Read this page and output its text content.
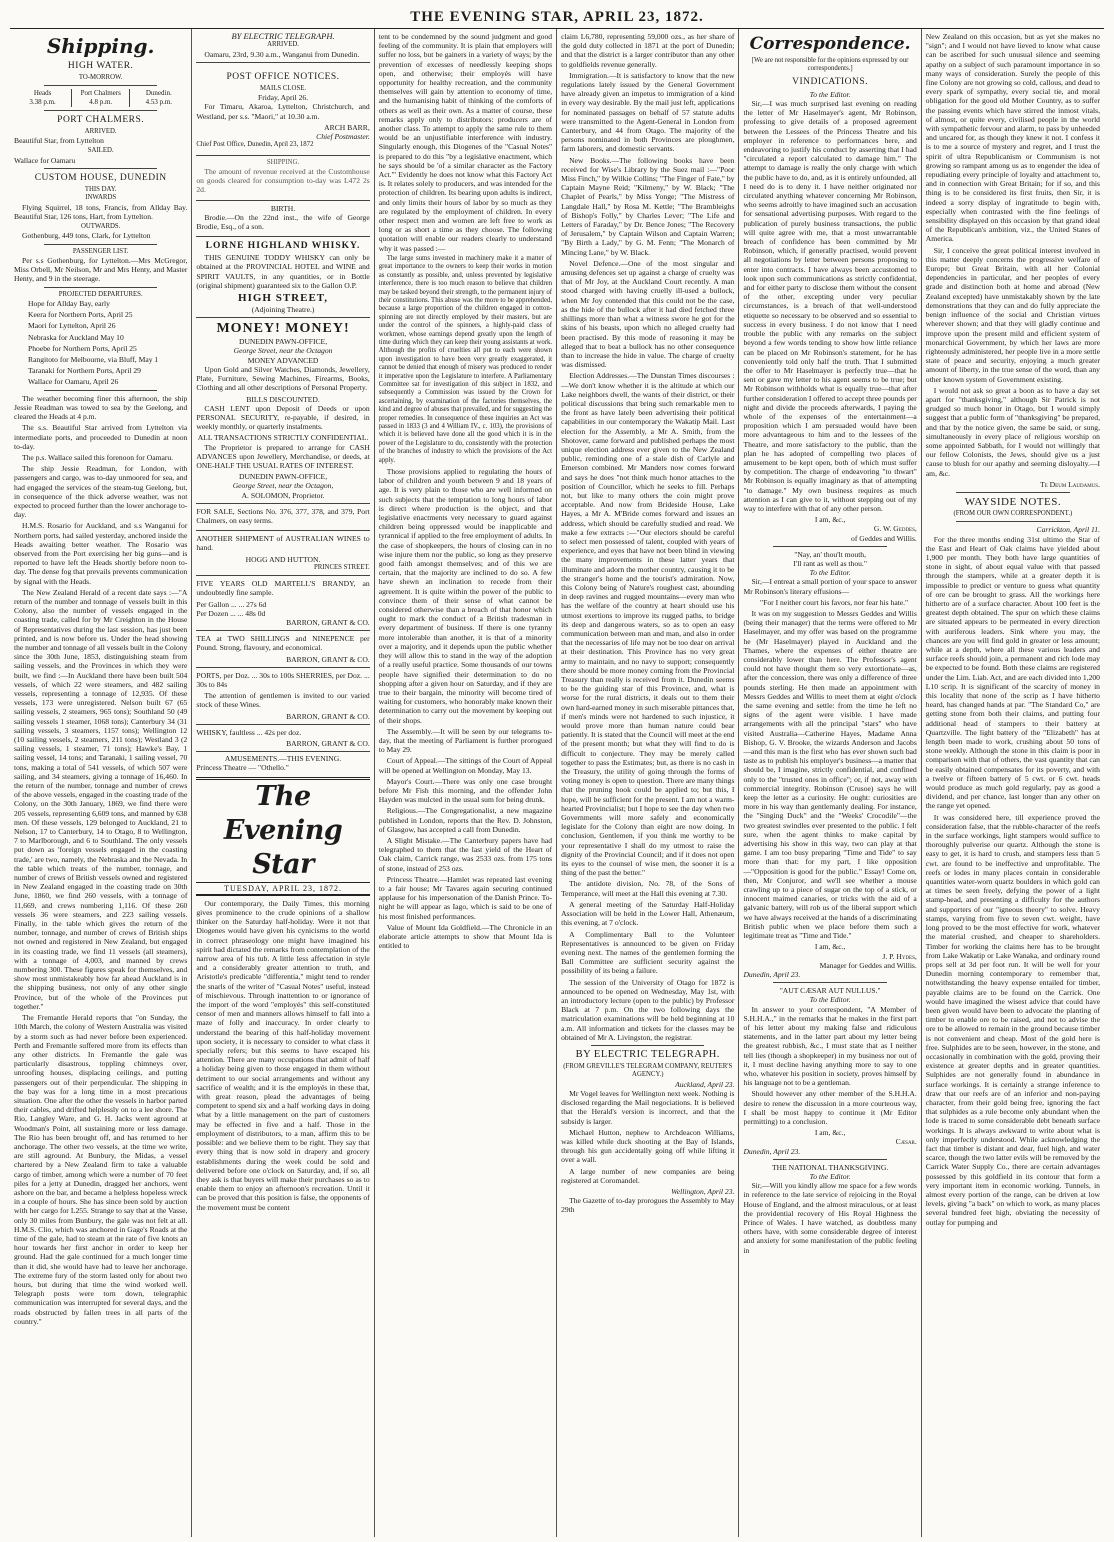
THE EVENING STAR, APRIL 23, 1872.
Shipping.
HIGH WATER.
TO-MORROW.
Heads
3.38 p.m.
Port Chalmers
4.8 p.m.
Dunedin.
4.53 p.m.
PORT CHALMERS.
ARRIVED.

Beautiful Star, from Lyttelton

SAILED.

Wallace for Oamaru

CUSTOM HOUSE, DUNEDIN
THIS DAY.
INWARDS

Flying Squirrel, 18 tons, Francis, from Allday Bay. Beautiful Star, 126 tons, Hart, from Lyttelton.

OUTWARDS.

Gothenburg, 449 tons, Clark, for Lyttelton

PASSENGER LIST.

Per s.s Gothenburg, for Lyttelton.—Mrs McGregor, Miss Orbell, Mr Neilson, Mr and Mrs Henty, and Master Henty, and 9 in the steerage.

PROJECTED DEPARTURES.

Hope for Allday Bay, early

Keera for Northern Ports, April 25

Maori for Lyttelton, April 26

Nebraska for Auckland May 10

Phoebe for Northern Ports, April 25

Rangitoto for Melbourne, via Bluff, May 1

Taranaki for Northern Ports, April 29

Wallace for Oamaru, April 26

The weather becoming finer this afternoon, the ship Jessie Readman was towed to sea by the Geelong, and cleared the Heads at 4 p.m.

The s.s. Beautiful Star arrived from Lyttelton via intermediate ports, and proceeded to Dunedin at noon to-day.

The p.s. Wallace sailed this forenoon for Oamaru.

The ship Jessie Readman, for London, with passengers and cargo, was to-day unmoored for sea, and had engaged the services of the steam-tug Geelong, but, in consequence of the thick adverse weather, was not expected to proceed further than the lower anchorage to-day.

H.M.S. Rosario for Auckland, and s.s Wanganui for Northern ports, had sailed yesterday, anchored inside the Heads awaiting better weather. The Rosario was observed from the Port exercising her big guns—and is reported to have left the Heads shortly before noon to-day. The dense fog that prevails prevents communication by signal with the Heads.

The New Zealand Herald of a recent date says :—"A return of the number and tonnage of vessels built in this Colony, also the number of vessels engaged in the coasting trade, called for by Mr Creighton in the House of Representatives during the last session, has just been printed, and is now before us. Under the head showing the number and tonnage of all vessels built in the Colony since the 30th June, 1853, distinguishing steam from sailing vessels, and the Provinces in which they were built, we find :—In Auckland there have been built 504 vessels, of which 22 were steamers, and 482 sailing vessels, representing a tonnage of 12,935. Of these vessels, 173 were unregistered. Nelson built 67 (65 sailing vessels, 2 steamers, 965 tons); Southland 50 (49 sailing vessels 1 steamer, 1068 tons); Canterbury 34 (31 sailing vessels, 3 steamers, 1157 tons); Wellington 12 (10 sailing vessels, 2 steamers, 211 tons); Westland 3 (2 sailing vessels, 1 steamer, 71 tons); Hawke's Bay, 1 sailing vessel, 14 tons; and Taranaki, 1 sailing vessel, 70 tons, making a total of 541 vessels, of which 507 were sailing, and 34 steamers, giving a tonnage of 16,460. In the return of the number, tonnage and number of crews of the above vessels, engaged in the coasting trade of the Colony, on the 30th January, 1869, we find there were 205 vessels, representing 6,609 tons, and manned by 638 men. Of these vessels, 129 belonged to Auckland, 21 to Nelson, 17 to Canterbury, 14 to Otago, 8 to Wellington, 7 to Marlborough, and 6 to Southland. The only vessels put down as 'foreign vessels engaged in the coasting trade,' are two, namely, the Nebraska and the Nevada. In the table which treats of the number, tonnage, and number of crews of British vessels owned and registered in New Zealand engaged in the coasting trade on 30th June, 1860, we find 260 vessels, with a tonnage of 11,669, and crews numbering 1,116. Of these 260 vessels 36 were steamers, and 223 sailing vessels. Finally, in the table which gives the return of the number, tonnage, and number of crews of British ships not owned and registered in New Zealand, but engaged in its coasting trade, we find 11 vessels (all steamers), with a tonnage of 4,003, and manned by crews numbering 300. These figures speak for themselves, and show most unmistakeably how far ahead Auckland is in the shipping business, not only of any other single Province, but of the whole of the Provinces put together."

The Fremantle Herald reports that "on Sunday, the 10th March, the colony of Western Australia was visited by a storm such as had never before been experienced. Perth and Fremantle suffered more from its effects than any other districts. In Fremantle the gale was particularly disastrous, toppling chimneys over, unroofing houses, displacing ceilings, and putting passengers out of their perpendicular. The shipping in the bay was for a long time in a most precarious situation. One after the other the vessels in harbor parted their cables, and drifted helplessly on to a lee shore. The Rio, Langley Ware, and G. H. Jacks went aground at Woodman's Point, all sustaining more or less damage. The Rio has been brought off, and has returned to her anchorage. The other two vessels, at the time we write, are still aground. At Bunbury, the Midas, a vessel chartered by a New Zealand firm to take a valuable cargo of timber, among which were a number of 70 feet piles for a jetty at Dunedin, dragged her anchors, went ashore on the bar, and became a helpless hopeless wreck in a couple of hours. She has since been sold by auction with her cargo for L255. Strange to say that at the Vasse, only 30 miles from Bunbury, the gale was not felt at all. H.M.S. Clio, which was anchored in Gage's Roads at the time of the gale, had to steam at the rate of five knots an hour towards her first anchor in order to keep her ground. Had the gale continued for a much longer time than it did, she would have had to leave her anchorage. The extreme fury of the storm lasted only for about two hours, but during that time the wind worked well. Telegraph posts were torn down, telegraphic communication was interrupted for several days, and the roads obstructed by fallen trees in all parts of the country."

BY ELECTRIC TELEGRAPH.
ARRIVED.

Oamaru, 23rd, 9.30 a.m., Wanganui from Dunedin.

POST OFFICE NOTICES.
MAILS CLOSE.
Friday, April 26.

For Timaru, Akaroa, Lyttelton, Christchurch, and Westland, per s.s. "Maori," at 10.30 a.m.

ARCH BARR,
Chief Postmaster.

Chief Post Office, Dunedin, April 23, 1872

SHIPPING.

The amount of revenue received at the Customhouse on goods cleared for consumption to-day was L472 2s 2d.

BIRTH.

Brodie.—On the 22nd inst., the wife of George Brodie, Esq., of a son.

LORNE HIGHLAND WHISKY.

THIS GENUINE TODDY WHISKY can only be obtained at the PROVINCIAL HOTEL and WINE and SPIRIT VAULTS, in any quantities, or in Bottle (original shipment) guaranteed six to the Gallon O.P.

HIGH STREET,
(Adjoining Theatre.)
MONEY! MONEY!
DUNEDIN PAWN-OFFICE,
George Street, near the Octagon
MONEY ADVANCED

Upon Gold and Silver Watches, Diamonds, Jewellery, Plate, Furniture, Sewing Machines, Firearms, Books, Clothing and all other descriptions of Personal Property.

BILLS DISCOUNTED.

CASH LENT upon Deposit of Deeds or upon PERSONAL SECURITY, re-payable, if desired, in weekly monthly, or quarterly instalments.

ALL TRANSACTIONS STRICTLY CONFIDENTIAL.

The Proprietor is prepared to arrange for CASH ADVANCES upon Jewellery, Merchandise, or deeds, at ONE-HALF THE USUAL RATES OF INTEREST.

DUNEDIN PAWN-OFFICE,
George Street, near the Octagon,
A. SOLOMON, Proprietor.

FOR SALE, Sections No. 376, 377, 378, and 379, Port Chalmers, on easy terms.

ANOTHER SHIPMENT of AUSTRALIAN WINES to hand.

HOGG AND HUTTON.
PRINCES STREET.

FIVE YEARS OLD MARTELL'S BRANDY, an undoubtedly fine sample.

Per Gallon ... ... 27s 6d
Per Dozen ... ... 48s 0d
BARRON, GRANT & CO.

TEA at TWO SHILLINGS and NINEPENCE per Pound. Strong, flavoury, and economical.

BARRON, GRANT & CO.

PORTS, per Doz. ... 30s to 100s SHERRIES, per Doz. ... 30s to 84s

The attention of gentlemen is invited to our varied stock of these Wines.

BARRON, GRANT & CO.

WHISKY, faultless ... 42s per doz.

BARRON, GRANT & CO.
AMUSEMENTS.—THIS EVENING.

Princess Theatre — "Othello."

The Evening Star
TUESDAY, APRIL 23, 1872.

Our contemporary, the Daily Times, this morning gives prominence to the crude opinions of a shallow thinker on the Saturday half-holiday. Were it not that Diogenes would have given his cynicisms to the world in correct phraseology one might have imagined his spirit had dictated the remarks from contemplation of the narrow area of his tub. A little less affectation in style and a considerably greater attention to truth, and Aristotle's predicable "differentia," might tend to render the snarls of the writer of "Casual Notes" useful, instead of mischievous. Through inattention to or ignorance of the import of the word "employés" this self-constituted censor of men and manners allows himself to fall into a maze of folly and inaccuracy. In order clearly to understand the bearing of this half-holiday movement upon society, it is necessary to consider to what class it specially refers; but this seems to have escaped his attention. There are many occupations that admit of half a holiday being given to those engaged in them without detriment to our social arrangements and without any sacrifice of wealth; and it is the employés in these that, with great reason, plead the advantages of being competent to spend six and a half working days in doing what by a little management on the part of customers may be effected in five and a half. Those in the employment of distributors, to a man, affirm this to be possible: and we believe them to be right. They say that every thing that is now sold in drapery and grocery establishments during the week could be sold and delivered before one o'clock on Saturday, and, if so, all they ask is that buyers will make their purchases so as to enable them to enjoy an afternoon's recreation. Until it can be proved that this position is false, the opponents of the movement must be content

tent to be condemned by the sound judgment and good feeling of the community. It is plain that employers will suffer no loss, but be gainers in a variety of ways; by the prevention of excesses of needlessly keeping shops open, and otherwise; their employés will have opportunity for healthy recreation, and the community themselves will gain by attention to economy of time, and the humanising habit of thinking of the comforts of others as well as their own. As a matter of course, these remarks apply only to distributors: producers are of another class. To attempt to apply the same rule to them would be an unjustifiable interference with industry. Singularly enough, this Diogenes of the "Casual Notes" is prepared to do this "by a legislative enactment, which he says should be 'of a similar character as the Factory Act.'" Evidently he does not know what this Factory Act is. It relates solely to producers, and was intended for the protection of children. Its bearing upon adults is indirect, and only limits their hours of labor by so much as they are regulated by the employment of children. In every other respect men and women are left free to work as long or as short a time as they choose. The following quotation will enable our readers clearly to understand why it was passed :—

The large sums invested in machinery make it a matter of great importance to the owners to keep their works in motion as constantly as possible, and, unless prevented by legislative interference, there is too much reason to believe that children may be tasked beyond their strength, to the permanent injury of their constitutions. This abuse was the more to be apprehended, because a large proportion of the children engaged in cotton-spinning are not directly employed by their masters, but are under the control of the spinners, a highly-paid class of workmen, whose earnings depend greatly upon the length of time during which they can keep their young assistants at work. Although the profits of cruelties all put to each were shown upon investigation to have been very greatly exaggerated, it cannot be denied that enough of misery was produced to render it imperative upon the Legislature to interfere. A Parliamentary Committee sat for investigation of this subject in 1832, and subsequently a Commission was issued by the Crown for ascertaining, by examination of the factories themselves, the kind and degree of abuses that prevailed, and for suggesting the proper remedies. In consequence of these inquiries an Act was passed in 1833 (3 and 4 William IV., c. 103), the provisions of which it is believed have done all the good which it is in the power of the Legislature to do, consistently with the protection of the branches of industry to which the provisions of the Act apply.

Those provisions applied to regulating the hours of labor of children and youth between 9 and 18 years of age. It is very plain to those who are well informed on such subjects that the temptation to long hours of labor is direct where production is the object, and that legislative enactments very necessary to guard against children being oppressed would be inapplicable and tyrannical if applied to the free employment of adults. In the case of shopkeepers, the hours of closing can in no wise injure them nor the public, so long as they preserve good faith amongst themselves; and of this we are certain, that the majority are inclined to do so. A few have shewn an inclination to recede from their agreement. It is quite within the power of the public to convince them of their sense of what cannot be considered otherwise than a breach of that honor which ought to mark the conduct of a British tradesman in every department of business. If there is one tyranny more intolerable than another, it is that of a minority over a majority, and it depends upon the public whether they will allow this to stand in the way of the adoption of a really useful practice. Some thousands of our towns people have signified their determination to do no shopping after a given hour on Saturday, and if they are true to their bargain, the minority will become tired of waiting for customers, who honorably make known their determination to carry out the movement by keeping out of their shops.

The Assembly.—It will be seen by our telegrams to-day, that the meeting of Parliament is further prorogued to May 29.

Court of Appeal.—The sittings of the Court of Appeal will be opened at Wellington on Monday, May 13.

Mayor's Court.—There was only one case brought before Mr Fish this morning, and the offender John Hayden was mulcted in the usual sum for being drunk.

Religious.—The Congregationalist, a new magazine published in London, reports that the Rev. D. Johnston, of Glasgow, has accepted a call from Dunedin.

A Slight Mistake.—The Canterbury papers have had telegraphed to them that the last yield of the Heart of Oak claim, Carrick range, was 2533 ozs. from 175 tons of stone, instead of 253 ozs.

Princess Theatre.—Hamlet was repeated last evening to a fair house; Mr Tavares again securing continued applause for his impersonation of the Danish Prince. To-night he will appear as Iago, which is said to be one of his most finished performances.

Value of Mount Ida Goldfield.—The Chronicle in an elaborate article attempts to show that Mount Ida is entitled to

claim L6,780, representing 59,000 ozs., as her share of the gold duty collected in 1871 at the port of Dunedin; and that the district is a larger contributor than any other to goldfields revenue generally.

Immigration.—It is satisfactory to know that the new regulations lately issued by the General Government have already given an impetus to immigration of a kind in every way desirable. By the mail just left, applications for nominated passages on behalf of 57 statute adults were transmitted to the Agent-General in London from Canterbury, and 44 from Otago. The majority of the persons nominated in both Provinces are ploughmen, farm laborers, and domestic servants.

New Books.—The following books have been received for Wise's Library by the Suez mail :—"Poor Miss Finch," by Wilkie Collins; "The Finger of Fate," by Captain Mayne Reid; "Kilmeny," by W. Black; "The Chaplet of Pearls," by Miss Yonge; "The Mistress of Langdale Hall," by Rosa M. Kettle; "The Brambleighs of Bishop's Folly," by Charles Lever; "The Life and Letters of Faraday," by Dr. Bence Jones; "The Recovery of Jerusalem," by Captain Wilson and Captain Warren; "By Birth a Lady," by G. M. Fenn; "The Monarch of Mincing Lane," by W. Black.

Novel Defence.—One of the most singular and amusing defences set up against a charge of cruelty was that of Mr Joy, at the Auckland Court recently. A man stood charged with having cruelly ill-used a bullock, when Mr Joy contended that this could not be the case, as the hide of the bullock after it had died fetched three shillings more than what a witness swore he got for the skins of his beasts, upon which no alleged cruelty had been practised. By this mode of reasoning it may be alleged that to beat a bullock has no other consequence than to increase the hide in value. The charge of cruelty was dismissed.

Election Addresses.—The Dunstan Times discourses :—We don't know whether it is the altitude at which our Lake neighbors dwell, the wants of their district, or their political discussions that bring such remarkable men to the front as have lately been advertising their political capabilities in our contemporary the Wakatip Mail. Last election for the Assembly, a Mr A. Smith, from the Shotover, came forward and published perhaps the most unique election address ever given to the New Zealand public, reminding one of a stale dish of Carlyle and Emerson combined. Mr Manders now comes forward and says he does "not think much honor attaches to the position of Councillor, which he seeks to fill. Perhaps not, but like to many others the coin might prove acceptable. And now from Brideside House, Lake Hayes, a Mr A. M'Bride comes forward and issues an address, which should be carefully studied and read. We make a few extracts :—"Our electors should be careful to select men possessed of talent, coupled with years of experience, and eyes that have not been blind in viewing the many improvements in these latter years that illuminate and adorn the mother country, causing it to be the stranger's home and the tourist's admiration. Now, this Colony being of Nature's roughest cast, abounding in deep ravines and rugged mountains—every man who has the welfare of the country at heart should use his utmost exertions to improve its rugged paths, to bridge its deep and dangerous waters, so as to open an easy communication between man and man, and also in order that the necessaries of life may not be too dear on arrival at their destination. This Province has no very great army to maintain, and no navy to support; consequently there should be more money coming from the Provincial Treasury than really is received from it. Dunedin seems to be the guiding star of this Province, and, what is worse for the rural districts, it deals out to them their own hard-earned money in such miserable pittances that, if men's minds were not hardened to such injustice, it would prove more than human nature could bear patiently. It is stated that the Council will meet at the end of the present month; but what they will find to do is difficult to conjecture. They may be merely called together to pass the Estimates; but, as there is no cash in the Treasury, the utility of going through the forms of voting money is open to question. There are many things that the pruning hook could be applied to; but this, I hope, will be sufficient for the present. I am not a warm-hearted Provincialist; but I hope to see the day when two Governments will more safely and economically legislate for the Colony than eight are now doing. In conclusion, Gentlemen, if you think me worthy to be your representative I shall do my utmost to raise the dignity of the Provincial Council; and if it does not open its eyes to the counsel of wise men, the sooner it is a thing of the past the better."

The antidote division, No. 78, of the Sons of Temperance, will meet at the Hall this evening at 7.30.

A general meeting of the Saturday Half-Holiday Association will be held in the Lower Hall, Athenæum, this evening, at 7 o'clock.

A Complimentary Ball to the Volunteer Representatives is announced to be given on Friday evening next. The names of the gentlemen forming the Ball Committee are sufficient security against the possibility of its being a failure.

The session of the University of Otago for 1872 is announced to be opened on Wednesday, May 1st, with an introductory lecture (open to the public) by Professor Black at 7 p.m. On the two following days the matriculation examinations will be held beginning at 10 a.m. All information and tickets for the classes may be obtained of Mr A. Livingston, the registrar.

BY ELECTRIC TELEGRAPH.
(FROM GREVILLE'S TELEGRAM COMPANY, REUTER'S AGENCY.)
Auckland, April 23.

Mr Vogel leaves for Wellington next week. Nothing is disclosed regarding the Mail negociations. It is believed that the Herald's version is incorrect, and that the subsidy is larger.

Michael Hutton, nephew to Archdeacon Williams, was killed while duck shooting at the Bay of Islands, through his gun accidentally going off while lifting it over a wall.

A large number of new companies are being registered at Coromandel.

Wellington, April 23.

The Gazette of to-day prorogues the Assembly to May 29th

Correspondence.

[We are not responsible for the opinions expressed by our correspondents.]

VINDICATIONS.
To the Editor.

Sir,—I was much surprised last evening on reading the letter of Mr Haselmayer's agent, Mr Robinson, professing to give details of a proposed agreement between the Lessees of the Princess Theatre and his employer in reference to performances here, and endeavoring to justify his conduct by asserting that I had "circulated a report calculated to damage him." The attempt to damage is really the only charge with which the public have to do, and, as it is entirely unfounded, all I need do is to deny it. I have neither originated nor circulated anything whatever concerning Mr Robinson, who seems adroitly to have imagined such an accusation for sensational advertising purposes. With regard to the publication of purely business transactions, the public will quite agree with me, that a most unwarrantable breach of confidence has been committed by Mr Robinson, which, if generally practised, would prevent all negotiations by letter between persons proposing to enter into contracts. I have always been accustomed to look upon such communications as strictly confidential, and for either party to disclose them without the consent of the other, excepting under very peculiar circumstances, is a breach of that well-understood etiquette so necessary to be observed and so essential to success in every business. I do not know that I need trouble the public with any remarks on the subject beyond a few words tending to show how little reliance can be placed on Mr Robinson's statement, for he has conveniently told only half the truth. That I submitted the offer to Mr Haselmayer is perfectly true—that he sent or gave my letter to his agent seems to be true; but Mr Robinson withholds what is equally true—that after further consideration I offered to accept three pounds per night and divide the proceeds afterwards, I paying the whole of the expenses of the entertainment—a proposition which I am persuaded would have been more advantageous to him and to the lessees of the Theatre, and more satisfactory to the public, than the plan he has adopted of compelling two places of amusement to be kept open, both of which must suffer by competition. The charge of endeavoring "to thwart" Mr Robinson is equally imaginary as that of attempting "to damage." My own business requires as much attention as I can give to it, without stepping out of my way to interfere with that of any other person.

I am, &c.,
G. W. Geddes,
of Geddes and Willis.
"Nay, an' thou'lt mouth,
I'll rant as well as thou."
To the Editor.

Sir,—I entreat a small portion of your space to answer Mr Robinson's literary effusions—

"For I neither court his favors, nor fear his hate."

It was on my suggestion to Messrs Geddes and Willis (being their manager) that the terms were offered to Mr Haselmayer, and my offer was based on the programme he (Mr Haselmayer) played in Auckland and the Thames, where the expenses of either theatre are considerably lower than here. The Professor's agent could not have thought them so very extortionate—as, after the concession, there was only a difference of three pounds sterling. He then made an appointment with Messrs Geddes and Willis to meet them at eight o'clock the same evening and settle: from the time he left no signs of the agent were visible. I have made arrangements with all the principal "stars" who have visited Australia—Catherine Hayes, Madame Anna Bishop, G. V. Brooke, the wizards Anderson and Jacobs—and this man is the first who has ever shown such bad taste as to publish his employer's business—a matter that should be, I imagine, strictly confidential, and confined only to the "trusted ones in office"; or, if not, away with commercial integrity. Robinson (Crusoe) says he will keep the letter as a curiosity. He ought: curiosities are more in his way than gentlemanly dealing. For instance, the "Singing Duck" and the "Weeks' Crocodile"—the two greatest swindles ever presented to the public. I felt sure, when the agent thinks to make capital by advertising his show in this way, two can play at that game. I am too busy preparing "Time and Tide" to say more than that: for my part, I like opposition—"Opposition is good for the public." Essay! Come on, then, Mr Conjuror, and we'll see whether a mouse crawling up to a piece of sugar on the top of a stick, or innocent maimed canaries, or tricks with the aid of a galvanic battery, will rob us of the liberal support which we have always received at the hands of a discriminating British public when we place before them such a legitimate treat as "Time and Tide."

I am, &c.,
J. P. Hydes,
Manager for Geddes and Willis.
Dunedin, April 23.
"AUT CÆSAR AUT NULLUS."
To the Editor.

In answer to your correspondent, "A Member of S.H.H.A.," in the remarks that he makes in the first part of his letter about my making false and ridiculous statements, and in the latter part about my letter being the greatest rubbish, &c., I must state that as I neither tell lies (though a shopkeeper) in my business nor out of it, I must decline having anything more to say to one who, whatever his position in society, proves himself by his language not to be a gentleman.

Should however any other member of the S.H.H.A. desire to renew the discussion in a more courteous way, I shall be most happy to continue it (Mr Editor permitting) to a conclusion.

I am, &c.,
Cæsar.
Dunedin, April 23.
THE NATIONAL THANKSGIVING.
To the Editor.

Sir,—Will you kindly allow me space for a few words in reference to the late service of rejoicing in the Royal House of England, and the almost miraculous, or at least the providential recovery of His Royal Highness the Prince of Wales. I have watched, as doubtless many others have, with some considerable degree of interest and anxiety for some manifestation of the public feeling in

New Zealand on this occasion, but as yet she makes no "sign"; and I would not have lieved to know what cause can be ascribed for such unusual silence and seeming apathy on a subject of such paramount importance in so many ways of consideration. Surely the people of this fine Colony are not growing so cold, callous, and dead to every spark of sympathy, every social tie, and moral obligation for the good old Mother Country, as to suffer the passing events which have stirred the inmost vitals, of almost, or quite every, civilised people in the world with sympathetic fervour and alarm, to pass by unheeded and uncared for, as though they knew it not. I confess it is to me a source of mystery and regret, and I trust the spirit of ultra Republicanism or Communism is not growing so rampant among us as to engender the idea of repudiating every principle of loyalty and attachment to, and in connection with Great Britain; for if so, and this thing is to be considered its first fruits, then Sir, it is indeed a sorry display of ingratitude to begin with, especially when contrasted with the fine feelings of sensibility displayed on this occasion by that grand ideal of the Republican's ambition, viz., the United States of America.

Sir, I conceive the great political interest involved in this matter deeply concerns the progressive welfare of Europe; but Great Britain, with all her Colonial dependencies in particular, and her peoples of every grade and distinction both at home and abroad (New Zealand excepted) have unmistakably shown by the late demonstrations that they can and do fully appreciate the benign influence of the social and Christian virtues wherever shown; and that they will gladly continue and improve upon the present mild and efficient system of monarchical Government, by which her laws are more righteously administered, her people live in a more settle state of peace and security, enjoying a much greater amount of liberty, in the true sense of the word, than any other known system of Government existing.

I would not ask so great a boon as to have a day set apart for "thanksgiving," although Sir Patrick is not grudged so much honor in Otago, but I would simply suggest that a public form of "thanksgiving" be prepared, and that by the notice given, the same be said, or sung, simultaneously in every place of religious worship on some appointed Sabbath, for I would not willingly that our fellow Colonists, the Jews, should give us a just cause to blush for our apathy and seeming disloyalty.—I am, &c.

Te Deum Laudamus.
WAYSIDE NOTES.
(FROM OUR OWN CORRESPONDENT.)
Carrickton, April 11.

For the three months ending 31st ultimo the Star of the East and Heart of Oak claims have yielded about 1,900 per month. They both have large quantities of stone in sight, of about equal value with that passed through the stampers, while at a greater depth it is impossible to predict or venture to guess what quantity of ore can be brought to grass. All the workings here hitherto are of a surface character. About 100 feet is the greatest depth obtained. The spur on which these claims are situated appears to be permeated in every direction with auriferous leaders. Sink where you may, the chances are you will find gold in greater or less amount; while at a depth, where all these various leaders and surface reefs should join, a permanent and rich lode may be expected to be found. Both these claims are registered under the Lim. Liab. Act, and are each divided into 1,200 L10 scrip. It is significant of the scarcity of money in this locality that none of the scrip as I have hitherto heard, has changed hands at par. "The Standard Co," are getting stone from both their claims, and putting four additional head of stampers to their battery at Quartzville. The light battery of the "Elizabeth" has at length been made to work, crushing about 50 tons of stone weekly. Although the stone in this claim is poor in comparison with that of others, the vast quantity that can be easily obtained compensates for its poverty, and with a twelve or fifteen battery of 5 cwt. or 6 cwt. heads would produce as much gold regularly, pay as good a dividend, and per chance, last longer than any other on the range yet opened.

It was considered here, till experience proved the consideration false, that the rubble-character of the reefs in the surface workings, light stampers would suffice to thoroughly pulverise our quartz. Although the stone is easy to get, it is hard to crush, and stampers less than 5 cwt. are found to be ineffective and unprofitable. The reefs or lodes in many places contain in considerable quantities water-worn quartz boulders in which gold can at times be seen freely, defying the power of a light stamp-head, and presenting a difficulty for the authors and supporters of our "igneous theory" to solve. Heavy stamps, varying from five to seven cwt. weight, have long proved to be the most effective for work, whatever the material crushed, and cheaper to shareholders. Timber for working the claims here has to be brought from Lake Wakatip or Lake Wanaka, and ordinary round props sell at 3d per foot run. It will be well for your Dunedin morning contemporary to remember that, notwithstanding the heavy expense entailed for timber, payable claims are to be found on the Carrick. One would have imagined the wisest advice that could have been given would have been to advocate the planting of timber to enable ore to be raised, and not to advise the ore to be allowed to remain in the ground because timber is not convenient and cheap. Most of the gold here is free. Sulphides are to be seen, however, in the stone, and occasionally in combination with the gold, proving their existence at greater depths and in greater quantities. Sulphides are not generally found in abundance in surface workings. It is certainly a strange inference to draw that our reefs are of an inferior and non-paying character, from their gold being free, ignoring the fact that sulphides as a rule become only abundant when the lode is traced to some considerable debt beneath surface workings. It is always awkward to write about what is only imperfectly understood. While acknowledging the fact that timber is distant and dear, fuel high, and water scarce, though the two latter evils will be removed by the Carrick Water Supply Co., there are certain advantages possessed by this goldfield in its contour that form a very important item in economic working. Tunnels, in almost every portion of the range, can be driven at low levels, giving "a back" on which to work, as many places several hundred feet high, obviating the necessity of outlay for pumping and
